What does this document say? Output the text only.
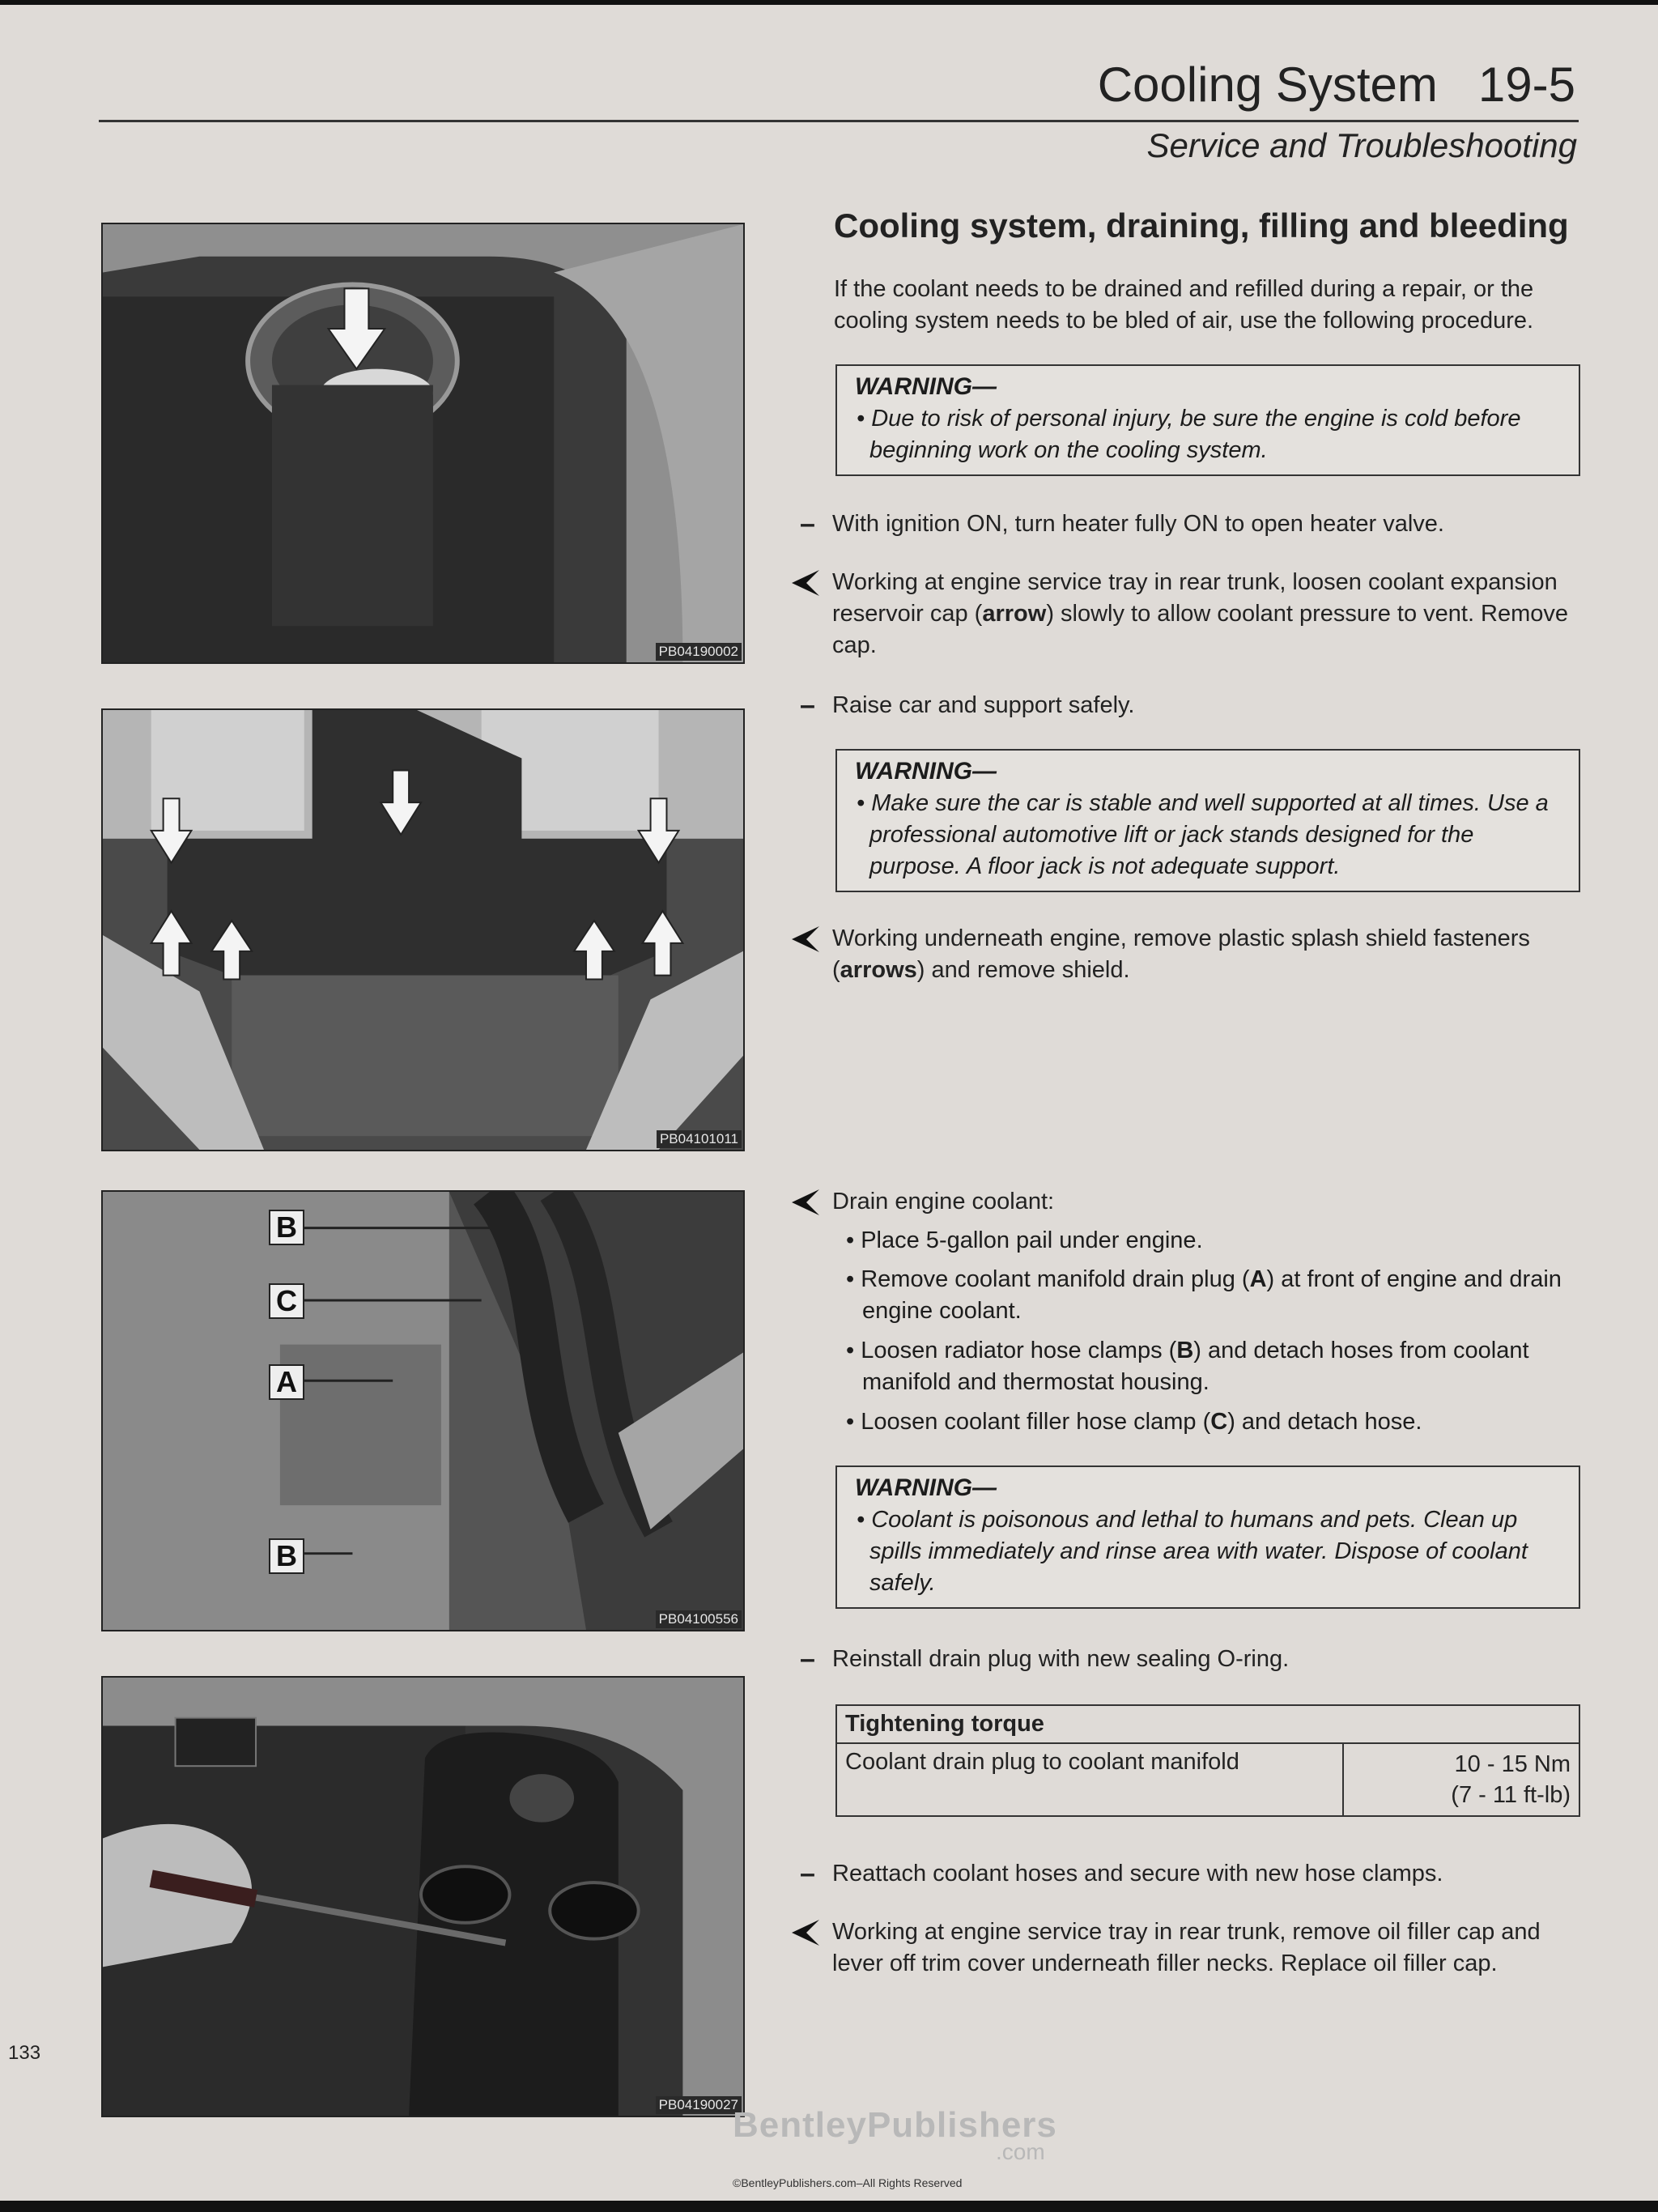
Cooling System 19-5
Service and Troubleshooting
PB04190002
PB04101011
B
C
A
B
PB04100556
PB04190027
Cooling system, draining, filling and bleeding
If the coolant needs to be drained and refilled during a repair, or the cooling system needs to be bled of air, use the following procedure.
WARNING—
• Due to risk of personal injury, be sure the engine is cold before beginning work on the cooling system.
– With ignition ON, turn heater fully ON to open heater valve.
Working at engine service tray in rear trunk, loosen coolant expansion reservoir cap (arrow) slowly to allow coolant pressure to vent. Remove cap.
– Raise car and support safely.
WARNING—
• Make sure the car is stable and well supported at all times. Use a professional automotive lift or jack stands designed for the purpose. A floor jack is not adequate support.
Working underneath engine, remove plastic splash shield fasteners (arrows) and remove shield.
Drain engine coolant:
• Place 5-gallon pail under engine.
• Remove coolant manifold drain plug (A) at front of engine and drain engine coolant.
• Loosen radiator hose clamps (B) and detach hoses from coolant manifold and thermostat housing.
• Loosen coolant filler hose clamp (C) and detach hose.
WARNING—
• Coolant is poisonous and lethal to humans and pets. Clean up spills immediately and rinse area with water. Dispose of coolant safely.
– Reinstall drain plug with new sealing O-ring.
Tightening torque
Coolant drain plug to coolant manifold	10 - 15 Nm
(7 - 11 ft-lb)
– Reattach coolant hoses and secure with new hose clamps.
Working at engine service tray in rear trunk, remove oil filler cap and lever off trim cover underneath filler necks. Replace oil filler cap.
133
BentleyPublishers
.com
©BentleyPublishers.com–All Rights Reserved
